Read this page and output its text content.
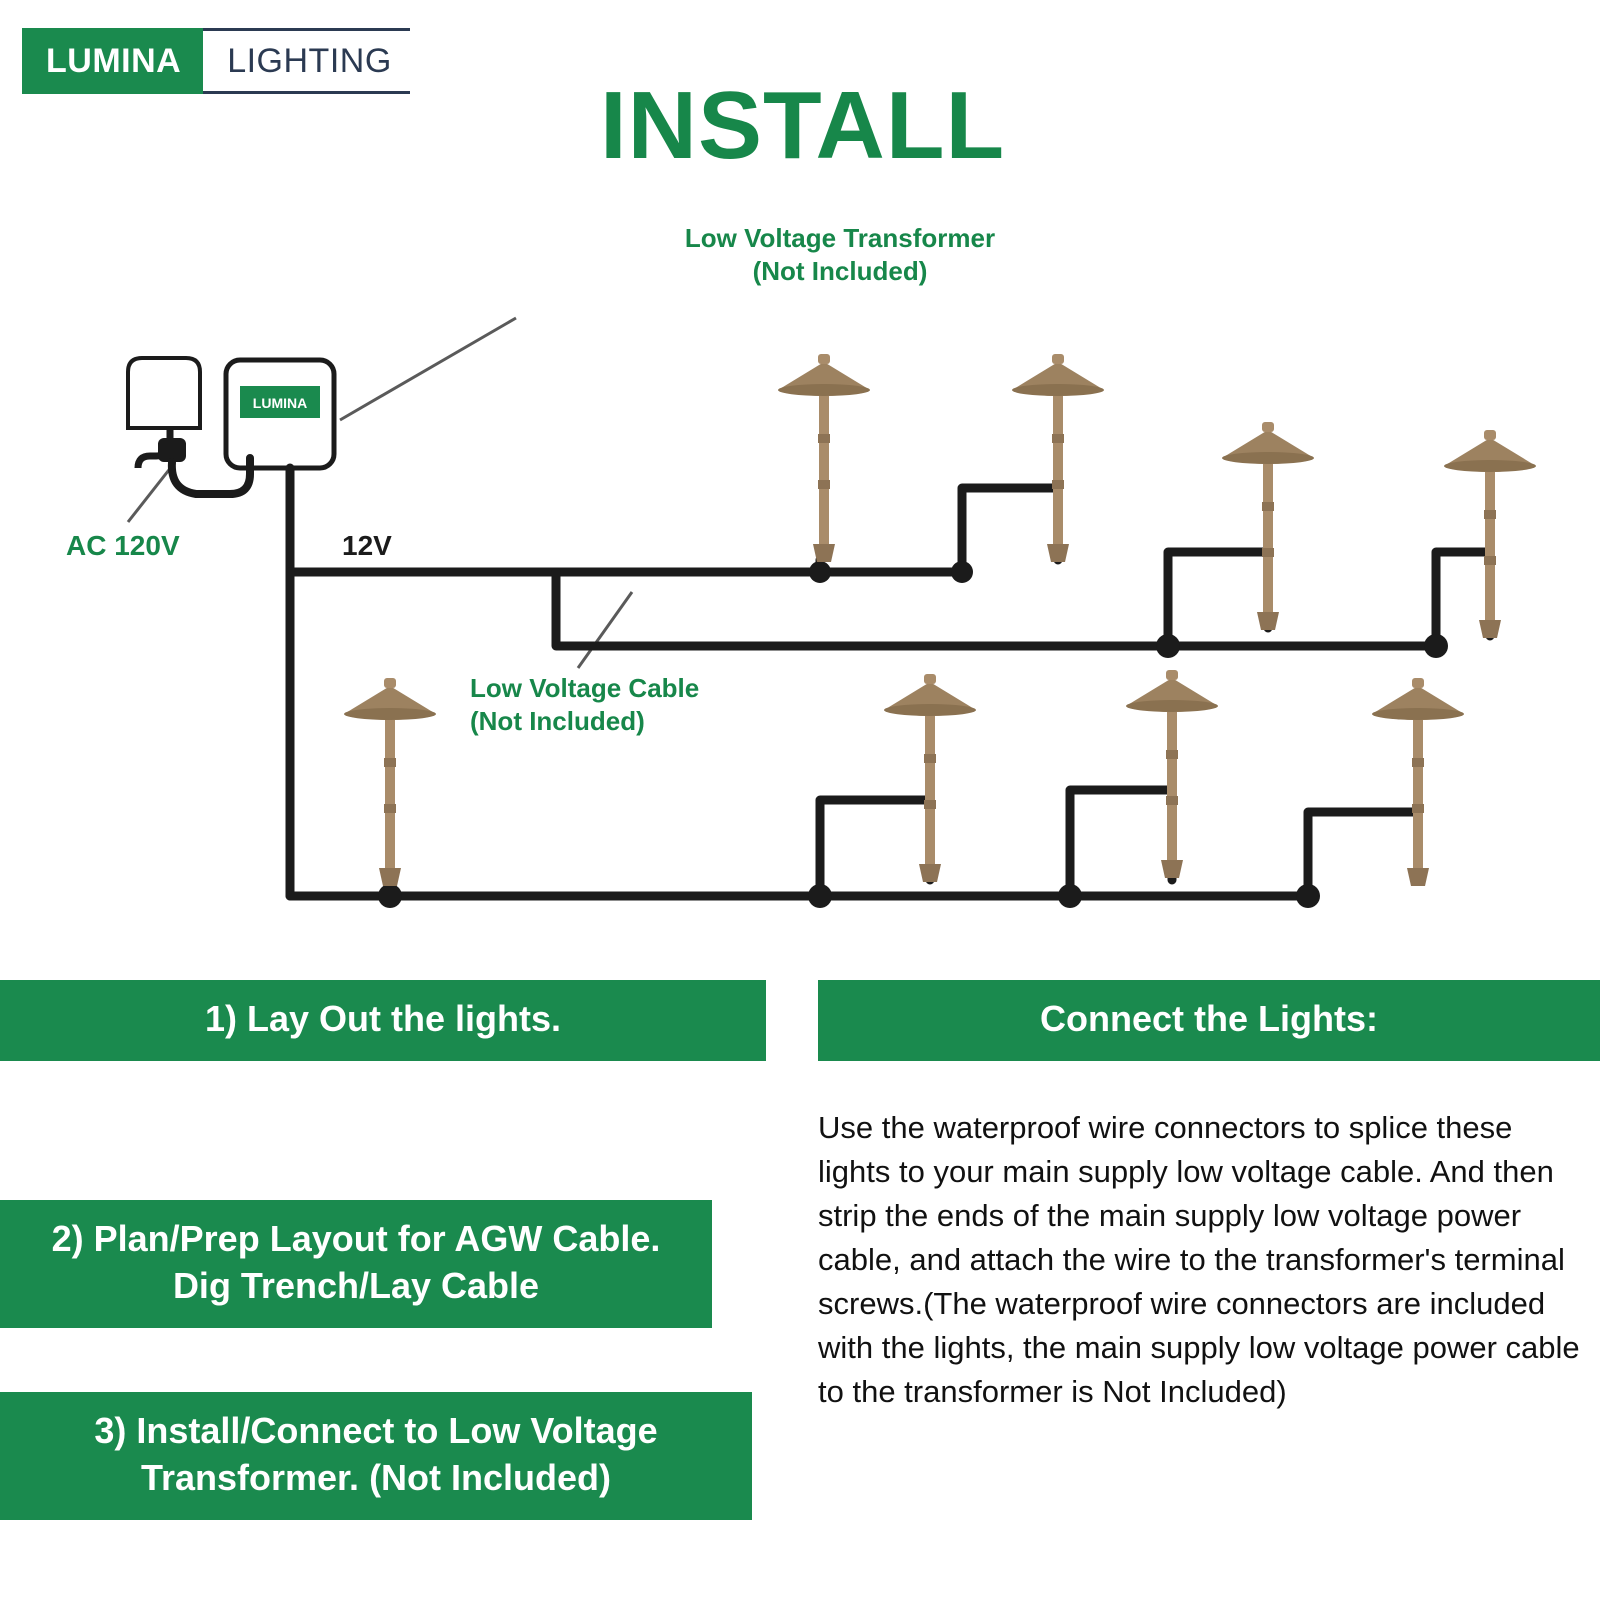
LUMINA	LIGHTING
INSTALL
Low Voltage Transformer
(Not Included)
Low Voltage Cable
(Not Included)
AC 120V	12V
LUMINA
1) Lay Out the lights.
2) Plan/Prep Layout for AGW Cable. Dig Trench/Lay Cable
3) Install/Connect to Low Voltage Transformer. (Not Included)
Connect the Lights:
Use the waterproof wire connectors to splice these lights to your main supply low voltage cable. And then strip the ends of the main supply low voltage power cable, and attach the wire to the transformer's terminal screws.(The waterproof wire connectors are included with the lights, the main supply low voltage power cable to the transformer is Not Included)
